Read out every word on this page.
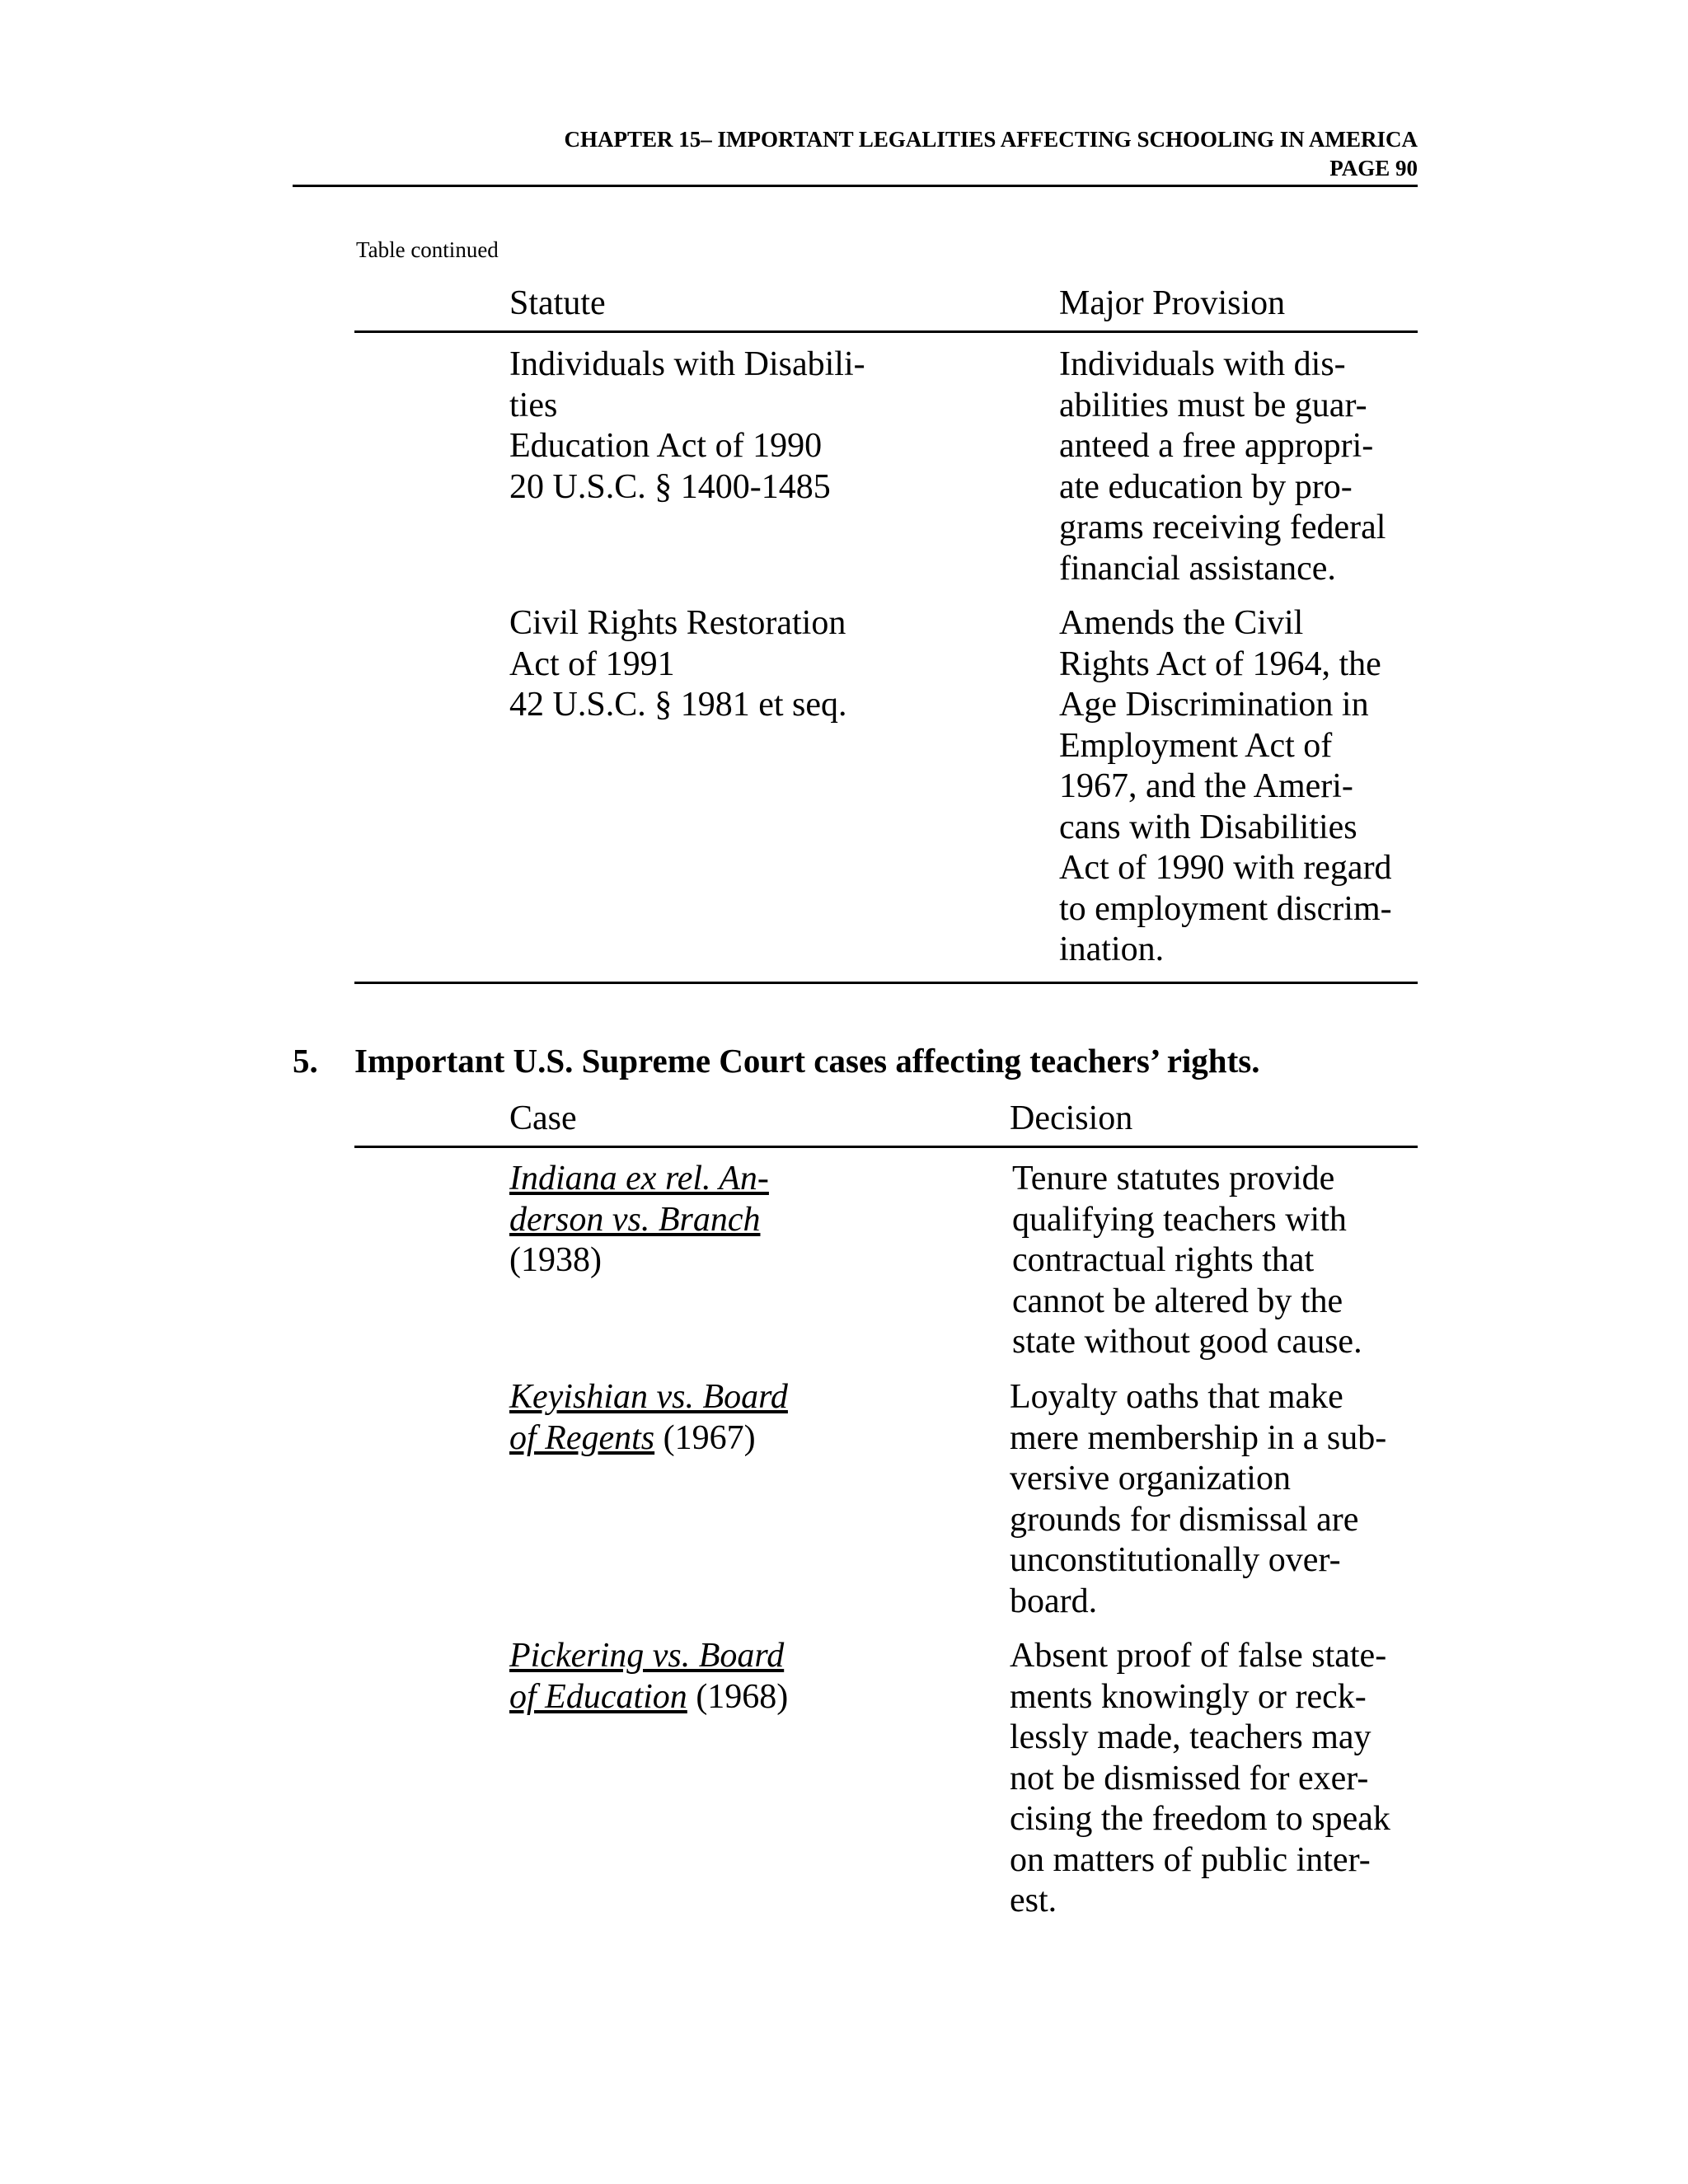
CHAPTER 15– IMPORTANT LEGALITIES AFFECTING SCHOOLING IN AMERICA
PAGE 90
Table continued
Statute	Major Provision
Individuals with Disabili-
ties
Education Act of 1990
20 U.S.C. § 1400-1485
Individuals with dis-
abilities must be guar-
anteed a free appropri-
ate education by pro-
grams receiving federal
financial assistance.
Civil Rights Restoration
Act of 1991
42 U.S.C. § 1981 et seq.
Amends the Civil
Rights Act of 1964, the
Age Discrimination in
Employment Act of
1967, and the Ameri-
cans with Disabilities
Act of 1990 with regard
to employment discrim-
ination.
5. Important U.S. Supreme Court cases affecting teachers’ rights.
Case	Decision
Indiana ex rel. An-
derson vs. Branch
(1938)
Tenure statutes provide
qualifying teachers with
contractual rights that
cannot be altered by the
state without good cause.
Keyishian vs. Board
of Regents (1967)
Loyalty oaths that make
mere membership in a sub-
versive organization
grounds for dismissal are
unconstitutionally over-
board.
Pickering vs. Board
of Education (1968)
Absent proof of false state-
ments knowingly or reck-
lessly made, teachers may
not be dismissed for exer-
cising the freedom to speak
on matters of public inter-
est.
